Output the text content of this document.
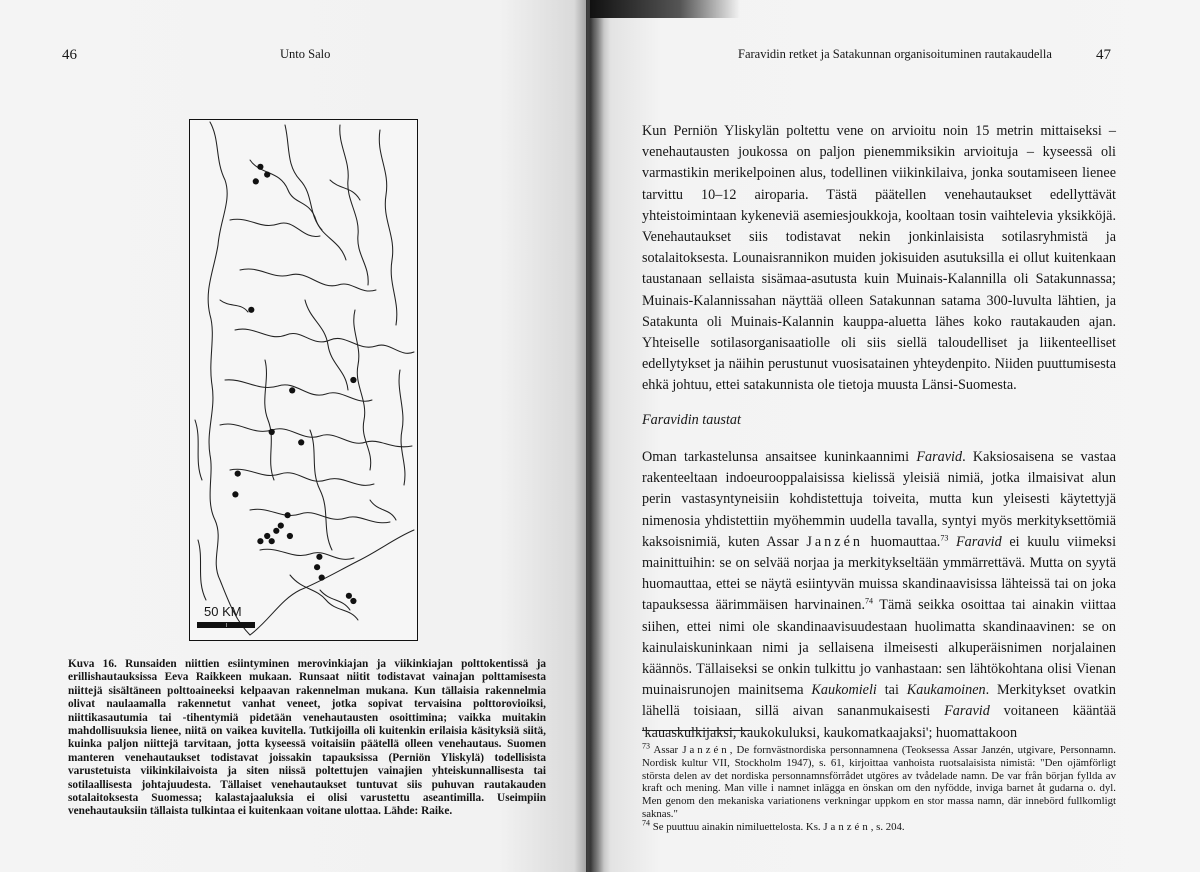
46	Unto Salo
50 KM
Kuva 16. Runsaiden niittien esiintyminen merovinkiajan ja viikinkiajan polttokentissä ja erillishautauksissa Eeva Raikkeen mukaan. Runsaat niitit todistavat vainajan polttamisesta niittejä sisältäneen polttoaineeksi kelpaavan rakennelman mukana. Kun tällaisia rakennelmia olivat naulaamalla rakennetut vanhat veneet, jotka sopivat tervaisina polttorovioiksi, niittikasautumia tai -tihentymiä pidetään venehautausten osoittimina; vaikka muitakin mahdollisuuksia lienee, niitä on vaikea kuvitella. Tutkijoilla oli kuitenkin erilaisia käsityksiä siitä, kuinka paljon niittejä tarvitaan, jotta kyseessä voitaisiin päätellä olleen venehautaus. Suomen manteren venehautaukset todistavat joissakin tapauksissa (Perniön Yliskylä) todellisista varustetuista viikinkilaivoista ja siten niissä poltettujen vainajien yhteiskunnallisesta tai sotilaallisesta johtajuudesta. Tällaiset venehautaukset tuntuvat siis puhuvan rautakauden sotalaitoksesta Suomessa; kalastajaaluksia ei olisi varustettu aseantimilla. Useimpiin venehautauksiin tällaista tulkintaa ei kuitenkaan voitane ulottaa. Lähde: Raike.
Faravidin retket ja Satakunnan organisoituminen rautakaudella	47

Kun Perniön Yliskylän poltettu vene on arvioitu noin 15 metrin mittaiseksi – venehautausten joukossa on paljon pienemmiksikin arvioituja – kyseessä oli varmastikin merikelpoinen alus, todellinen viikinkilaiva, jonka soutamiseen lienee tarvittu 10–12 airoparia. Tästä päätellen venehautaukset edellyttävät yhteistoimintaan kykeneviä asemiesjoukkoja, kooltaan tosin vaihtelevia yksikköjä. Venehautaukset siis todistavat nekin jonkinlaisista sotilasryhmistä ja sotalaitoksesta. Lounaisrannikon muiden jokisuiden asutuksilla ei ollut kuitenkaan taustanaan sellaista sisämaa-asutusta kuin Muinais-Kalannilla oli Satakunnassa; Muinais-Kalannissahan näyttää olleen Satakunnan satama 300-luvulta lähtien, ja Satakunta oli Muinais-Kalannin kauppa-aluetta lähes koko rautakauden ajan. Yhteiselle sotilasorganisaatiolle oli siis siellä taloudelliset ja liikenteelliset edellytykset ja näihin perustunut vuosisatainen yhteydenpito. Niiden puuttumisesta ehkä johtuu, ettei satakunnista ole tietoja muusta Länsi-Suomesta.

Faravidin taustat

Oman tarkastelunsa ansaitsee kuninkaannimi Faravid. Kaksiosaisena se vastaa rakenteeltaan indoeurooppalaisissa kielissä yleisiä nimiä, jotka ilmaisivat alun perin vastasyntyneisiin kohdistettuja toiveita, mutta kun yleisesti käytettyjä nimenosia yhdistettiin myöhemmin uudella tavalla, syntyi myös merkityksettömiä kaksoisnimiä, kuten Assar Janzén huomauttaa.$^{73}$ Faravid ei kuulu viimeksi mainittuihin: se on selvää norjaa ja merkitykseltään ymmärrettävä. Mutta on syytä huomauttaa, ettei se näytä esiintyvän muissa skandinaavisissa lähteissä tai on joka tapauksessa äärimmäisen harvinainen.$^{74}$ Tämä seikka osoittaa tai ainakin viittaa siihen, ettei nimi ole skandinaavisuudestaan huolimatta skandinaavinen: se on kainulaiskuninkaan nimi ja sellaisena ilmeisesti alkuperäisnimen norjalainen käännös. Tällaiseksi se onkin tulkittu jo vanhastaan: sen lähtökohtana olisi Vienan muinaisrunojen mainitsema Kaukomieli tai Kaukamoinen. Merkitykset ovatkin lähellä toisiaan, sillä aivan sananmukaisesti Faravid voitaneen kääntää 'kauaskulkijaksi, kaukokuluksi, kaukomatkaajaksi'; huomattakoon

$^{73}$ Assar Janzén, De fornvästnordiska personnamnena (Teoksessa Assar Janzén, utgivare, Personnamn. Nordisk kultur VII, Stockholm 1947), s. 61, kirjoittaa vanhoista ruotsalaisista nimistä: "Den ojämförligt största delen av det nordiska personnamnsförrådet utgöres av tvådelade namn. De var från början fyllda av kraft och mening. Man ville i namnet inlägga en önskan om den nyfödde, inviga barnet åt gudarna o. dyl. Men genom den mekaniska variationens verkningar uppkom en stor massa namn, där innebörd fullkomligt saknas."

$^{74}$ Se puuttuu ainakin nimiluettelosta. Ks. Janzén, s. 204.
